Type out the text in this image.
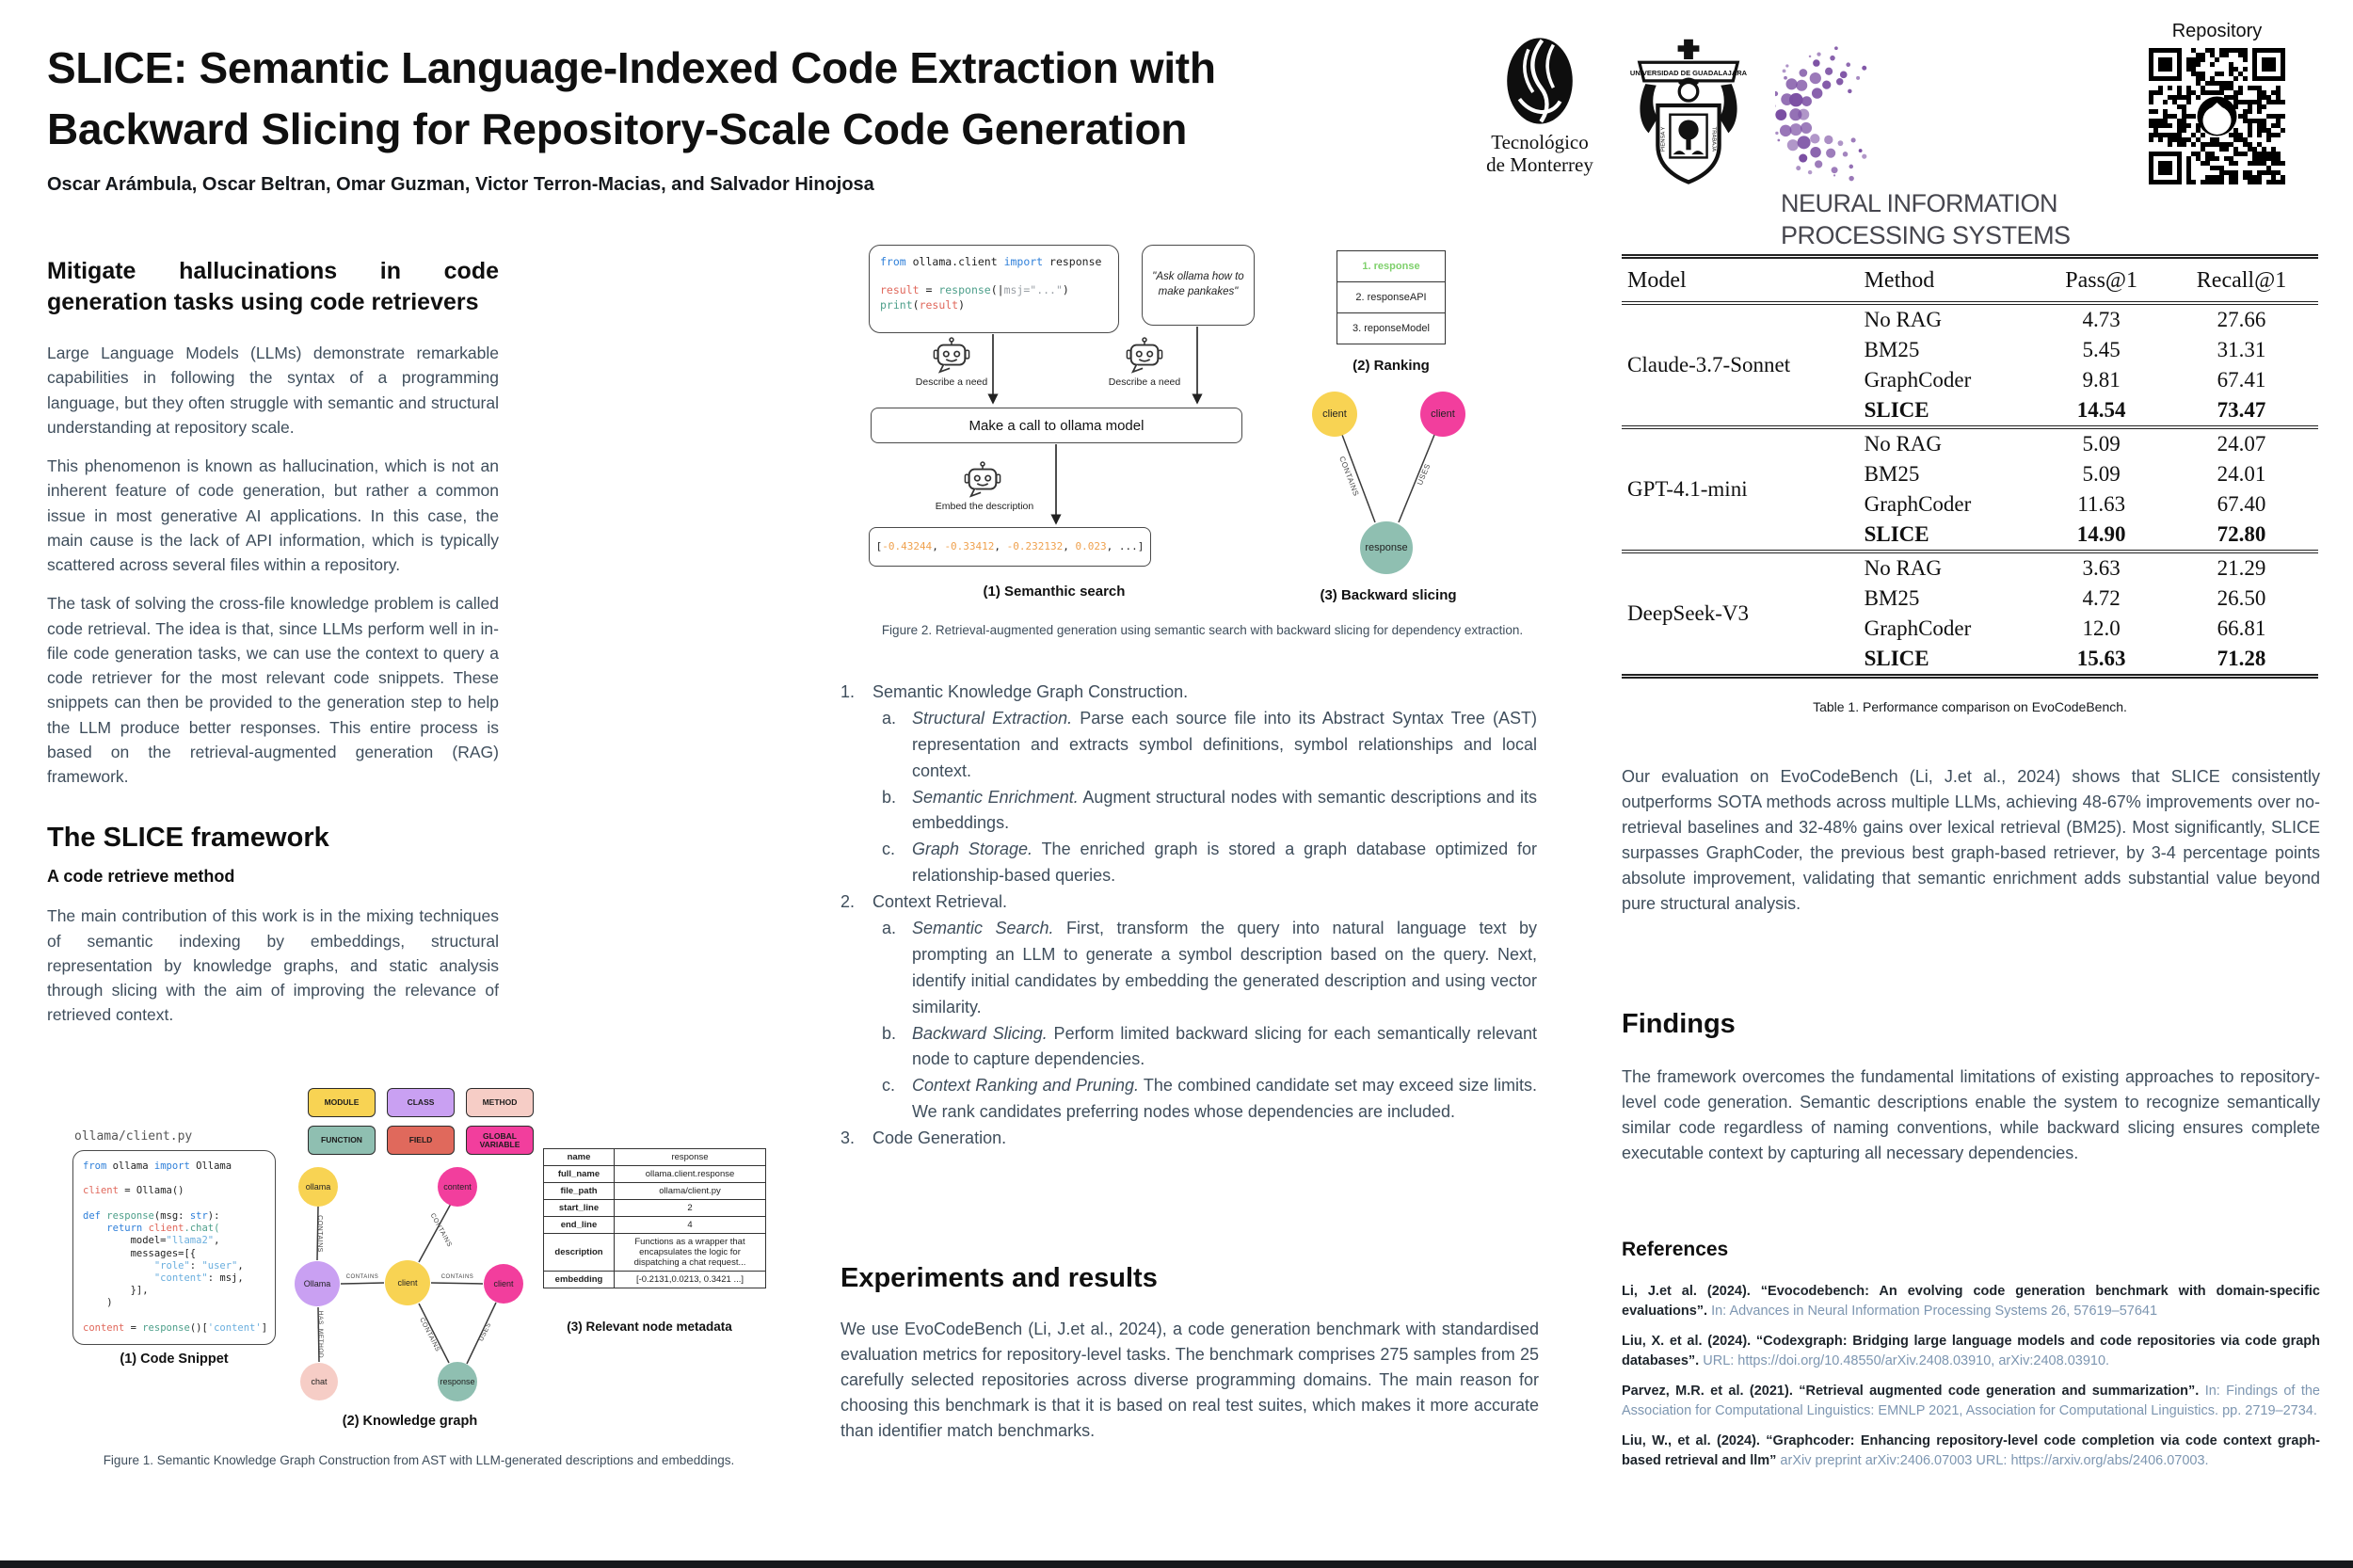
SLICE: Semantic Language-Indexed Code Extraction with
Backward Slicing for Repository-Scale Code Generation
Oscar Arámbula, Oscar Beltran, Omar Guzman, Victor Terron-Macias, and Salvador Hinojosa
Tecnológico
de Monterrey
UNIVERSIDAD DE GUADALAJARA
PIENSA Y	TRABAJA

NEURAL INFORMATION
PROCESSING SYSTEMS
Repository
Mitigate hallucinations in code generation tasks using code retrievers

Large Language Models (LLMs) demonstrate remarkable capabilities in following the syntax of a programming language, but they often struggle with semantic and structural understanding at repository scale.

This phenomenon is known as hallucination, which is not an inherent feature of code generation, but rather a common issue in most generative AI applications. In this case, the main cause is the lack of API information, which is typically scattered across several files within a repository.

The task of solving the cross-file knowledge problem is called code retrieval. The idea is that, since LLMs perform well in in-file code generation tasks, we can use the context to query a code retriever for the most relevant code snippets. These snippets can then be provided to the generation step to help the LLM produce better responses. This entire process is based on the retrieval-augmented generation (RAG) framework.

The SLICE framework
A code retrieve method

The main contribution of this work is in the mixing techniques of semantic indexing by embeddings, structural representation by knowledge graphs, and static analysis through slicing with the aim of improving the relevance of retrieved context.

ollama/client.py
from ollama import Ollama

client = Ollama()

def response(msg: str):
return client.chat(
model="llama2",
messages=[{
"role": "user",
"content": msj,
}],
)

content = response()['content']
(1) Code Snippet
MODULE	CLASS	METHOD
FUNCTION	FIELD	GLOBAL VARIABLE
CONTAINS	CONTAINS
CONTAINS	CONTAINS
HAS_METHOD	CONTAINS	USES
ollama	content
Ollama	client	client
chat	response
(2) Knowledge graph
name	response
full_name	ollama.client.response
file_path	ollama/client.py
start_line	2
end_line	4
description	Functions as a wrapper that encapsulates the logic for dispatching a chat request...
embedding	[-0.2131,0.0213, 0.3421 ...]
(3) Relevant node metadata
Figure 1. Semantic Knowledge Graph Construction from AST with LLM-generated descriptions and embeddings.
CONTAINS	USES
from ollama.client import response

result = response(|msj="...")
print(result)
"Ask ollama how to make pankakes"
Describe a need	Describe a need
Make a call to ollama model
Embed the description
[-0.43244, -0.33412, -0.232132, 0.023, ...]
(1) Semanthic search
1. response
2. responseAPI
3. reponseModel
(2) Ranking
(3) Backward slicing
client	client
response
Figure 2. Retrieval-augmented generation using semantic search with backward slicing for dependency extraction.
1.	Semantic Knowledge Graph Construction.
a. Structural Extraction. Parse each source file into its Abstract Syntax Tree (AST) representation and extracts symbol definitions, symbol relationships and local context.
b. Semantic Enrichment. Augment structural nodes with semantic descriptions and its embeddings.
c. Graph Storage. The enriched graph is stored a graph database optimized for relationship-based queries.
2.	Context Retrieval.
a. Semantic Search. First, transform the query into natural language text by prompting an LLM to generate a symbol description based on the query. Next, identify initial candidates by embedding the generated description and using vector similarity.
b. Backward Slicing. Perform limited backward slicing for each semantically relevant node to capture dependencies.
c. Context Ranking and Pruning. The combined candidate set may exceed size limits. We rank candidates preferring nodes whose dependencies are included.
3.	Code Generation.
Experiments and results

We use EvoCodeBench (Li, J.et al., 2024), a code generation benchmark with standardised evaluation metrics for repository-level tasks. The benchmark comprises 275 samples from 25 carefully selected repositories across diverse programming domains. The main reason for choosing this benchmark is that it is based on real test suites, which makes it more accurate than identifier match benchmarks.

Model	Method	Pass@1	Recall@1
Claude-3.7-Sonnet	No RAG	4.73	27.66
	BM25	5.45	31.31
	GraphCoder	9.81	67.41
	SLICE	14.54	73.47
GPT-4.1-mini	No RAG	5.09	24.07
	BM25	5.09	24.01
	GraphCoder	11.63	67.40
	SLICE	14.90	72.80
DeepSeek-V3	No RAG	3.63	21.29
	BM25	4.72	26.50
	GraphCoder	12.0	66.81
	SLICE	15.63	71.28
Table 1. Performance comparison on EvoCodeBench.

Our evaluation on EvoCodeBench (Li, J.et al., 2024) shows that SLICE consistently outperforms SOTA methods across multiple LLMs, achieving 48-67% improvements over no-retrieval baselines and 32-48% gains over lexical retrieval (BM25). Most significantly, SLICE surpasses GraphCoder, the previous best graph-based retriever, by 3-4 percentage points absolute improvement, validating that semantic enrichment adds substantial value beyond pure structural analysis.

Findings

The framework overcomes the fundamental limitations of existing approaches to repository-level code generation. Semantic descriptions enable the system to recognize semantically similar code regardless of naming conventions, while backward slicing ensures complete executable context by capturing all necessary dependencies.

References
Li, J.et al. (2024). “Evocodebench: An evolving code generation benchmark with domain-specific evaluations”. In: Advances in Neural Information Processing Systems 26, 57619–57641
Liu, X. et al. (2024). “Codexgraph: Bridging large language models and code repositories via code graph databases”. URL: https://doi.org/10.48550/arXiv.2408.03910, arXiv:2408.03910.
Parvez, M.R. et al. (2021). “Retrieval augmented code generation and summarization”. In: Findings of the Association for Computational Linguistics: EMNLP 2021, Association for Computational Linguistics. pp. 2719–2734.
Liu, W., et al. (2024). “Graphcoder: Enhancing repository-level code completion via code context graph-based retrieval and llm” arXiv preprint arXiv:2406.07003 URL: https://arxiv.org/abs/2406.07003.
